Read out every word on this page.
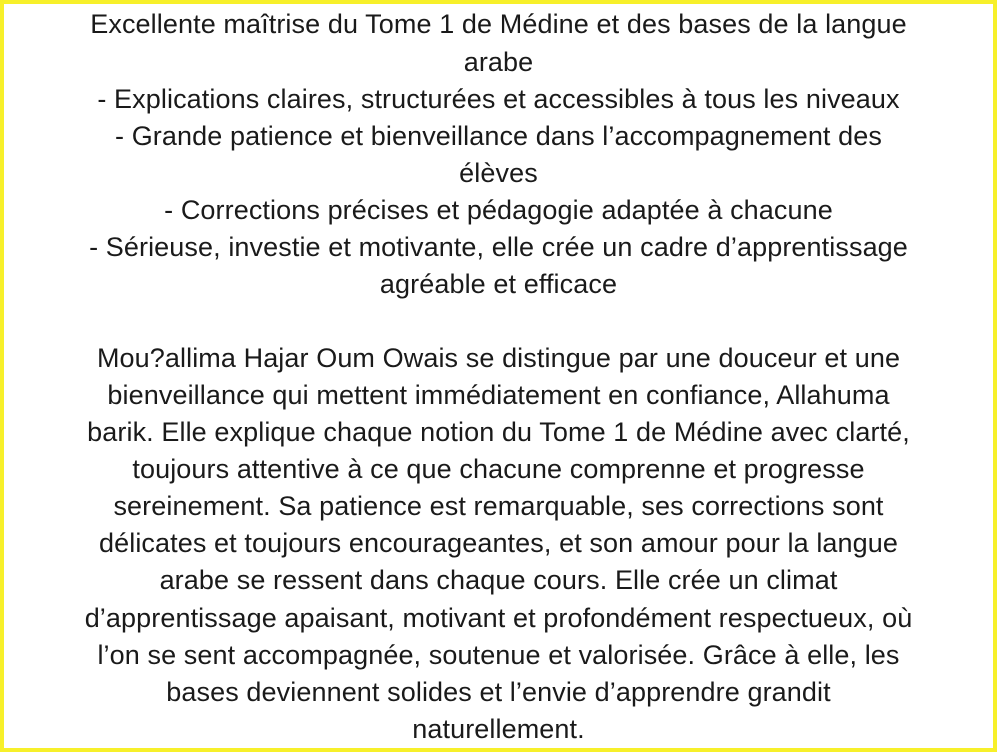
Excellente maîtrise du Tome 1 de Médine et des bases de la langue
arabe
- Explications claires, structurées et accessibles à tous les niveaux
- Grande patience et bienveillance dans l’accompagnement des
élèves
- Corrections précises et pédagogie adaptée à chacune
- Sérieuse, investie et motivante, elle crée un cadre d’apprentissage
agréable et efficace
Mou?allima Hajar Oum Owais se distingue par une douceur et une
bienveillance qui mettent immédiatement en confiance, Allahuma
barik. Elle explique chaque notion du Tome 1 de Médine avec clarté,
toujours attentive à ce que chacune comprenne et progresse
sereinement. Sa patience est remarquable, ses corrections sont
délicates et toujours encourageantes, et son amour pour la langue
arabe se ressent dans chaque cours. Elle crée un climat
d’apprentissage apaisant, motivant et profondément respectueux, où
l’on se sent accompagnée, soutenue et valorisée. Grâce à elle, les
bases deviennent solides et l’envie d’apprendre grandit
naturellement.
